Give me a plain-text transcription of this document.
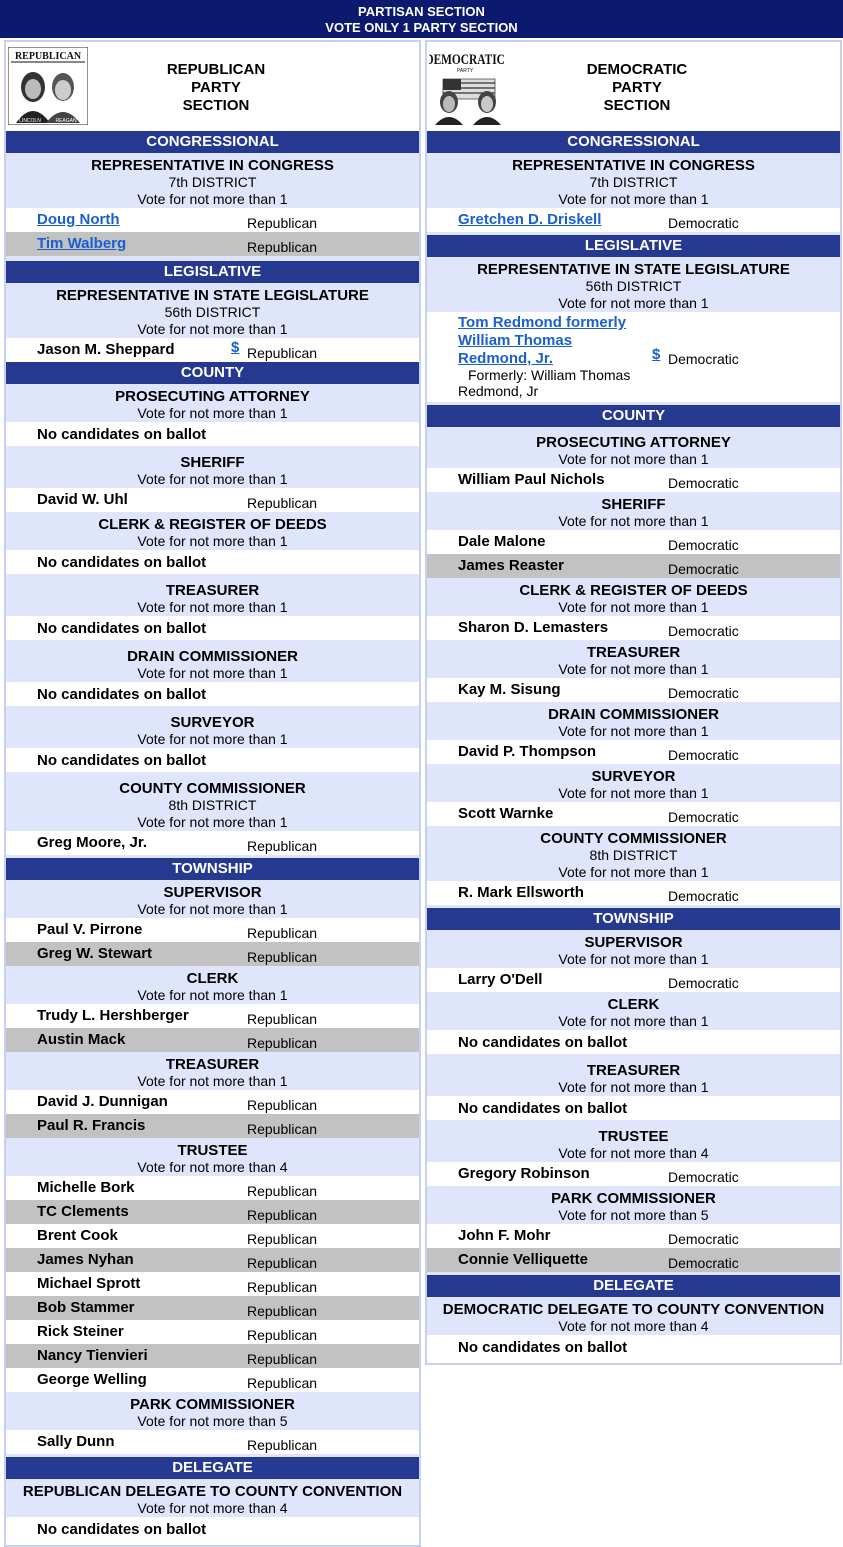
PARTISAN SECTION
VOTE ONLY 1 PARTY SECTION
REPUBLICAN
LINCOLN	REAGAN
REPUBLICAN
PARTY
SECTION
CONGRESSIONAL
REPRESENTATIVE IN CONGRESS
7th DISTRICT
Vote for not more than 1
Doug North	Republican
Tim Walberg	Republican
LEGISLATIVE
REPRESENTATIVE IN STATE LEGISLATURE
56th DISTRICT
Vote for not more than 1
Jason M. Sheppard	$ Republican
COUNTY
PROSECUTING ATTORNEY
Vote for not more than 1
No candidates on ballot
SHERIFF
Vote for not more than 1
David W. Uhl	Republican
CLERK & REGISTER OF DEEDS
Vote for not more than 1
No candidates on ballot
TREASURER
Vote for not more than 1
No candidates on ballot
DRAIN COMMISSIONER
Vote for not more than 1
No candidates on ballot
SURVEYOR
Vote for not more than 1
No candidates on ballot
COUNTY COMMISSIONER
8th DISTRICT
Vote for not more than 1
Greg Moore, Jr.	Republican
TOWNSHIP
SUPERVISOR
Vote for not more than 1
Paul V. Pirrone	Republican
Greg W. Stewart	Republican
CLERK
Vote for not more than 1
Trudy L. Hershberger	Republican
Austin Mack	Republican
TREASURER
Vote for not more than 1
David J. Dunnigan	Republican
Paul R. Francis	Republican
TRUSTEE
Vote for not more than 4
Michelle Bork	Republican
TC Clements	Republican
Brent Cook	Republican
James Nyhan	Republican
Michael Sprott	Republican
Bob Stammer	Republican
Rick Steiner	Republican
Nancy Tienvieri	Republican
George Welling	Republican
PARK COMMISSIONER
Vote for not more than 5
Sally Dunn	Republican
DELEGATE
REPUBLICAN DELEGATE TO COUNTY CONVENTION
Vote for not more than 4
No candidates on ballot
DEMOCRATIC
PARTY	DEMOCRATIC
PARTY
SECTION
CONGRESSIONAL
REPRESENTATIVE IN CONGRESS
7th DISTRICT
Vote for not more than 1
Gretchen D. Driskell	Democratic
LEGISLATIVE
REPRESENTATIVE IN STATE LEGISLATURE
56th DISTRICT
Vote for not more than 1
Tom Redmond formerly
William Thomas
Redmond, Jr.
Formerly: William Thomas Redmond, Jr
$ Democratic
COUNTY
PROSECUTING ATTORNEY
Vote for not more than 1
William Paul Nichols	Democratic
SHERIFF
Vote for not more than 1
Dale Malone	Democratic
James Reaster	Democratic
CLERK & REGISTER OF DEEDS
Vote for not more than 1
Sharon D. Lemasters	Democratic
TREASURER
Vote for not more than 1
Kay M. Sisung	Democratic
DRAIN COMMISSIONER
Vote for not more than 1
David P. Thompson	Democratic
SURVEYOR
Vote for not more than 1
Scott Warnke	Democratic
COUNTY COMMISSIONER
8th DISTRICT
Vote for not more than 1
R. Mark Ellsworth	Democratic
TOWNSHIP
SUPERVISOR
Vote for not more than 1
Larry O'Dell	Democratic
CLERK
Vote for not more than 1
No candidates on ballot
TREASURER
Vote for not more than 1
No candidates on ballot
TRUSTEE
Vote for not more than 4
Gregory Robinson	Democratic
PARK COMMISSIONER
Vote for not more than 5
John F. Mohr	Democratic
Connie Velliquette	Democratic
DELEGATE
DEMOCRATIC DELEGATE TO COUNTY CONVENTION
Vote for not more than 4
No candidates on ballot
